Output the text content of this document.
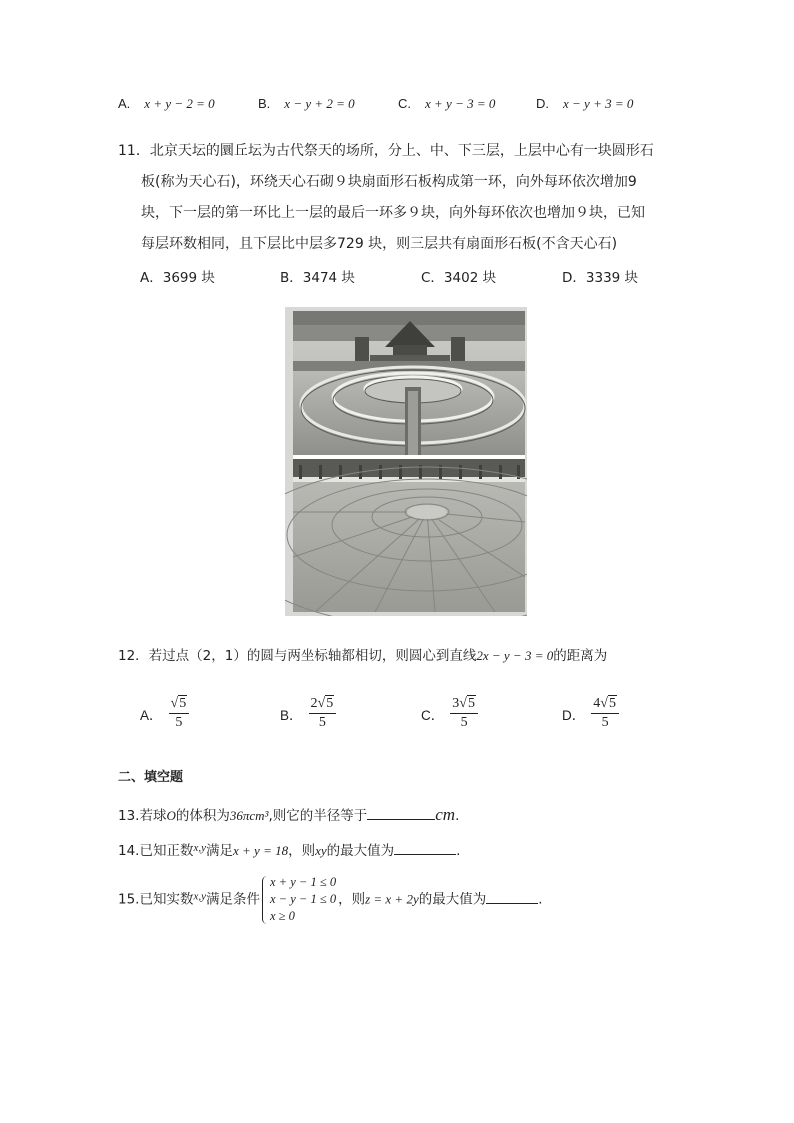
A. x + y − 2 = 0	B. x − y + 2 = 0	C. x + y − 3 = 0	D. x − y + 3 = 0
11．北京天坛的圜丘坛为古代祭天的场所，分上、中、下三层，上层中心有一块圆形石
板(称为天心石)，环绕天心石砌９块扇面形石板构成第一环，向外每环依次增加9
块，下一层的第一环比上一层的最后一环多９块，向外每环依次也增加９块，已知
每层环数相同，且下层比中层多729 块，则三层共有扇面形石板(不含天心石)
A．3699 块	B．3474 块	C．3402 块	D．3339 块
12．若过点（2，1）的圆与两坐标轴都相切，则圆心到直线2x − y − 3 = 0的距离为
A． $\frac{√5}{5}$	B． $\frac{2√5}{5}$	C． $\frac{3√5}{5}$	D． $\frac{4√5}{5}$
二、填空题
13.若球O的体积为36πcm³,则它的半径等于	cm.
14.已知正数$^{x,y}$满足x + y = 18，则xy的最大值为	.
15.已知实数$^{x,y}$满足条件
x + y − 1 ≤ 0
x − y − 1 ≤ 0
x ≥ 0
，则z = x + 2y的最大值为	.
